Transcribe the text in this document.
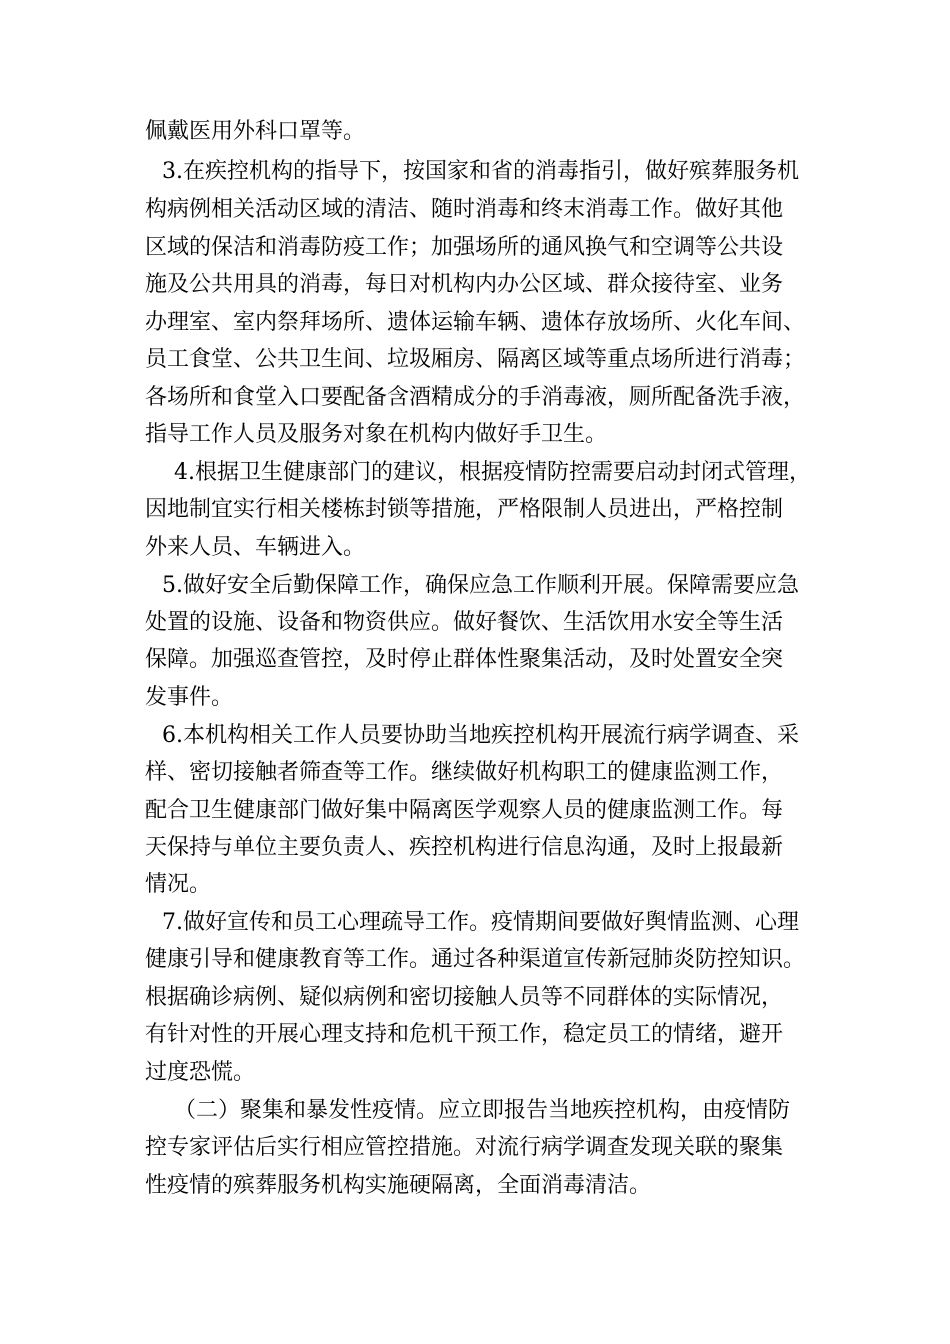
佩戴医用外科口罩等。

3.在疾控机构的指导下，按国家和省的消毒指引，做好殡葬服务机

构病例相关活动区域的清洁、随时消毒和终末消毒工作。做好其他

区域的保洁和消毒防疫工作；加强场所的通风换气和空调等公共设

施及公共用具的消毒，每日对机构内办公区域、群众接待室、业务

办理室、室内祭拜场所、遗体运输车辆、遗体存放场所、火化车间、

员工食堂、公共卫生间、垃圾厢房、隔离区域等重点场所进行消毒；

各场所和食堂入口要配备含酒精成分的手消毒液，厕所配备洗手液，

指导工作人员及服务对象在机构内做好手卫生。

4.根据卫生健康部门的建议，根据疫情防控需要启动封闭式管理，

因地制宜实行相关楼栋封锁等措施，严格限制人员进出，严格控制

外来人员、车辆进入。

5.做好安全后勤保障工作，确保应急工作顺利开展。保障需要应急

处置的设施、设备和物资供应。做好餐饮、生活饮用水安全等生活

保障。加强巡查管控，及时停止群体性聚集活动，及时处置安全突

发事件。

6.本机构相关工作人员要协助当地疾控机构开展流行病学调查、采

样、密切接触者筛查等工作。继续做好机构职工的健康监测工作，

配合卫生健康部门做好集中隔离医学观察人员的健康监测工作。每

天保持与单位主要负责人、疾控机构进行信息沟通，及时上报最新

情况。

7.做好宣传和员工心理疏导工作。疫情期间要做好舆情监测、心理

健康引导和健康教育等工作。通过各种渠道宣传新冠肺炎防控知识。

根据确诊病例、疑似病例和密切接触人员等不同群体的实际情况，

有针对性的开展心理支持和危机干预工作，稳定员工的情绪，避开

过度恐慌。

（二）聚集和暴发性疫情。应立即报告当地疾控机构，由疫情防

控专家评估后实行相应管控措施。对流行病学调查发现关联的聚集

性疫情的殡葬服务机构实施硬隔离，全面消毒清洁。
